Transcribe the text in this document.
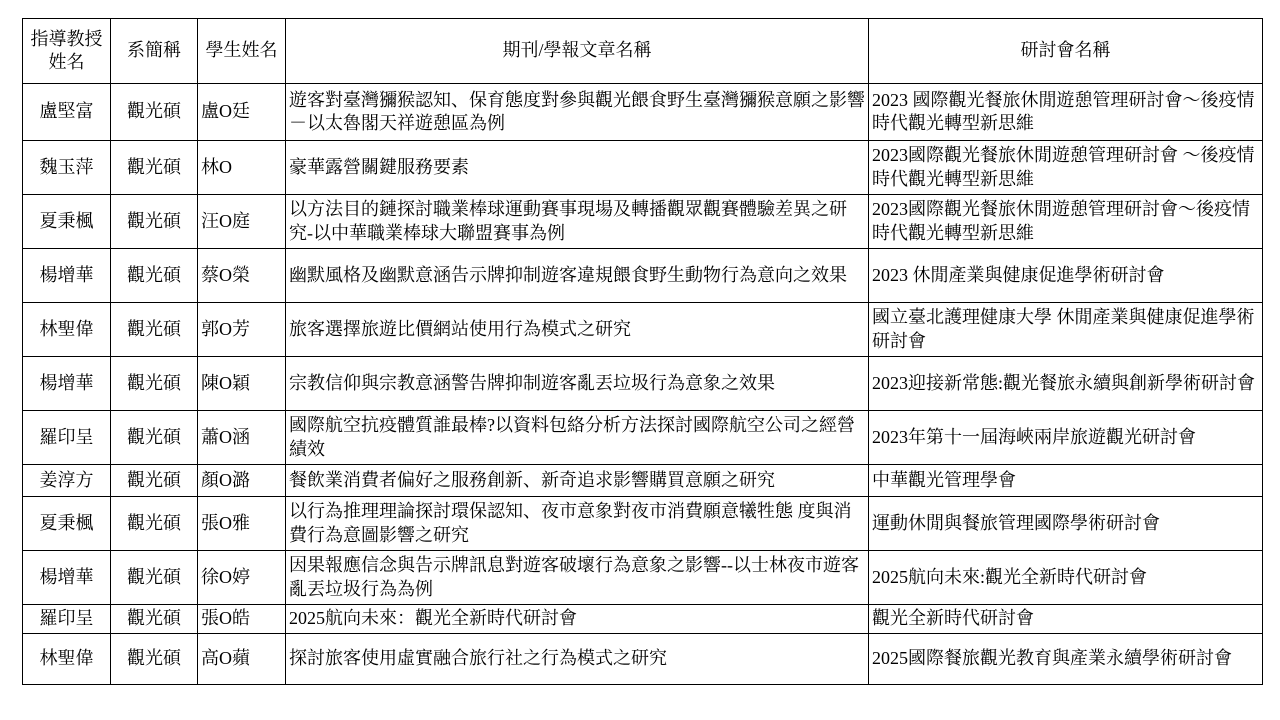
指導教授姓名	系簡稱	學生姓名	期刊/學報文章名稱	研討會名稱
盧堅富	觀光碩	盧O廷	遊客對臺灣獼猴認知、保育態度對參與觀光餵食野生臺灣獼猴意願之影響－以太魯閣天祥遊憩區為例	2023 國際觀光餐旅休閒遊憩管理研討會～後疫情時代觀光轉型新思維
魏玉萍	觀光碩	林O	豪華露營關鍵服務要素	2023國際觀光餐旅休閒遊憩管理研討會 ～後疫情時代觀光轉型新思維
夏秉楓	觀光碩	汪O庭	以方法目的鏈探討職業棒球運動賽事現場及轉播觀眾觀賽體驗差異之研究-以中華職業棒球大聯盟賽事為例	2023國際觀光餐旅休閒遊憩管理研討會～後疫情時代觀光轉型新思維
楊增華	觀光碩	蔡O榮	幽默風格及幽默意涵告示牌抑制遊客違規餵食野生動物行為意向之效果	2023 休閒產業與健康促進學術研討會
林聖偉	觀光碩	郭O芳	旅客選擇旅遊比價網站使用行為模式之研究	國立臺北護理健康大學 休閒產業與健康促進學術研討會
楊增華	觀光碩	陳O穎	宗教信仰與宗教意涵警告牌抑制遊客亂丟垃圾行為意象之效果	2023迎接新常態:觀光餐旅永續與創新學術研討會
羅印呈	觀光碩	蕭O涵	國際航空抗疫體質誰最棒?以資料包絡分析方法探討國際航空公司之經營績效	2023年第十一屆海峽兩岸旅遊觀光研討會
姜淳方	觀光碩	顏O潞	餐飲業消費者偏好之服務創新、新奇追求影響購買意願之研究	中華觀光管理學會
夏秉楓	觀光碩	張O雅	以行為推理理論探討環保認知、夜市意象對夜市消費願意犧牲態 度與消費行為意圖影響之研究	運動休閒與餐旅管理國際學術研討會
楊增華	觀光碩	徐O婷	因果報應信念與告示牌訊息對遊客破壞行為意象之影響--以士林夜市遊客亂丟垃圾行為為例	2025航向未來:觀光全新時代研討會
羅印呈	觀光碩	張O皓	2025航向未來：觀光全新時代研討會	觀光全新時代研討會
林聖偉	觀光碩	高O蘋	探討旅客使用虛實融合旅行社之行為模式之研究	2025國際餐旅觀光教育與產業永續學術研討會
